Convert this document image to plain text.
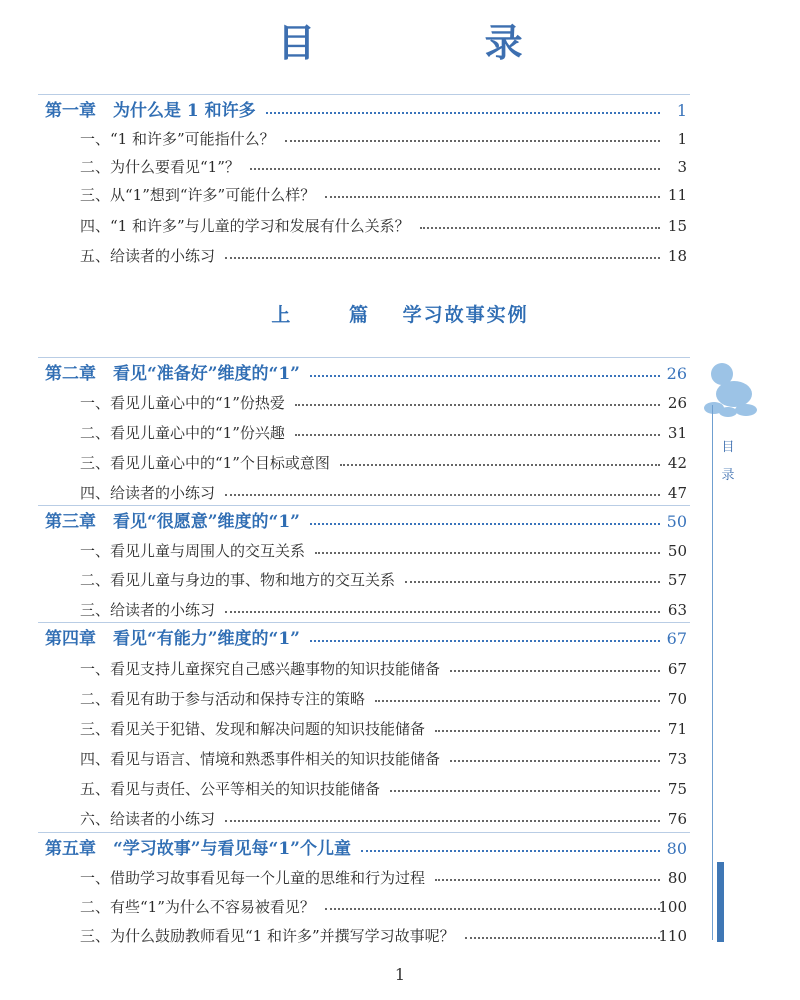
目 录
上 篇 学习故事实例
第一章　为什么是 1 和许多	1
一、“1 和许多”可能指什么？	1
二、为什么要看见“1”？	3
三、从“1”想到“许多”可能什么样？	11
四、“1 和许多”与儿童的学习和发展有什么关系？	15
五、给读者的小练习	18
第二章　看见“准备好”维度的“1”	26
一、看见儿童心中的“1”份热爱	26
二、看见儿童心中的“1”份兴趣	31
三、看见儿童心中的“1”个目标或意图	42
四、给读者的小练习	47
第三章　看见“很愿意”维度的“1”	50
一、看见儿童与周围人的交互关系	50
二、看见儿童与身边的事、物和地方的交互关系	57
三、给读者的小练习	63
第四章　看见“有能力”维度的“1”	67
一、看见支持儿童探究自己感兴趣事物的知识技能储备	67
二、看见有助于参与活动和保持专注的策略	70
三、看见关于犯错、发现和解决问题的知识技能储备	71
四、看见与语言、情境和熟悉事件相关的知识技能储备	73
五、看见与责任、公平等相关的知识技能储备	75
六、给读者的小练习	76
第五章　“学习故事”与看见每“1”个儿童	80
一、借助学习故事看见每一个儿童的思维和行为过程	80
二、有些“1”为什么不容易被看见？	100
三、为什么鼓励教师看见“1 和许多”并撰写学习故事呢？	110
目 录
1
